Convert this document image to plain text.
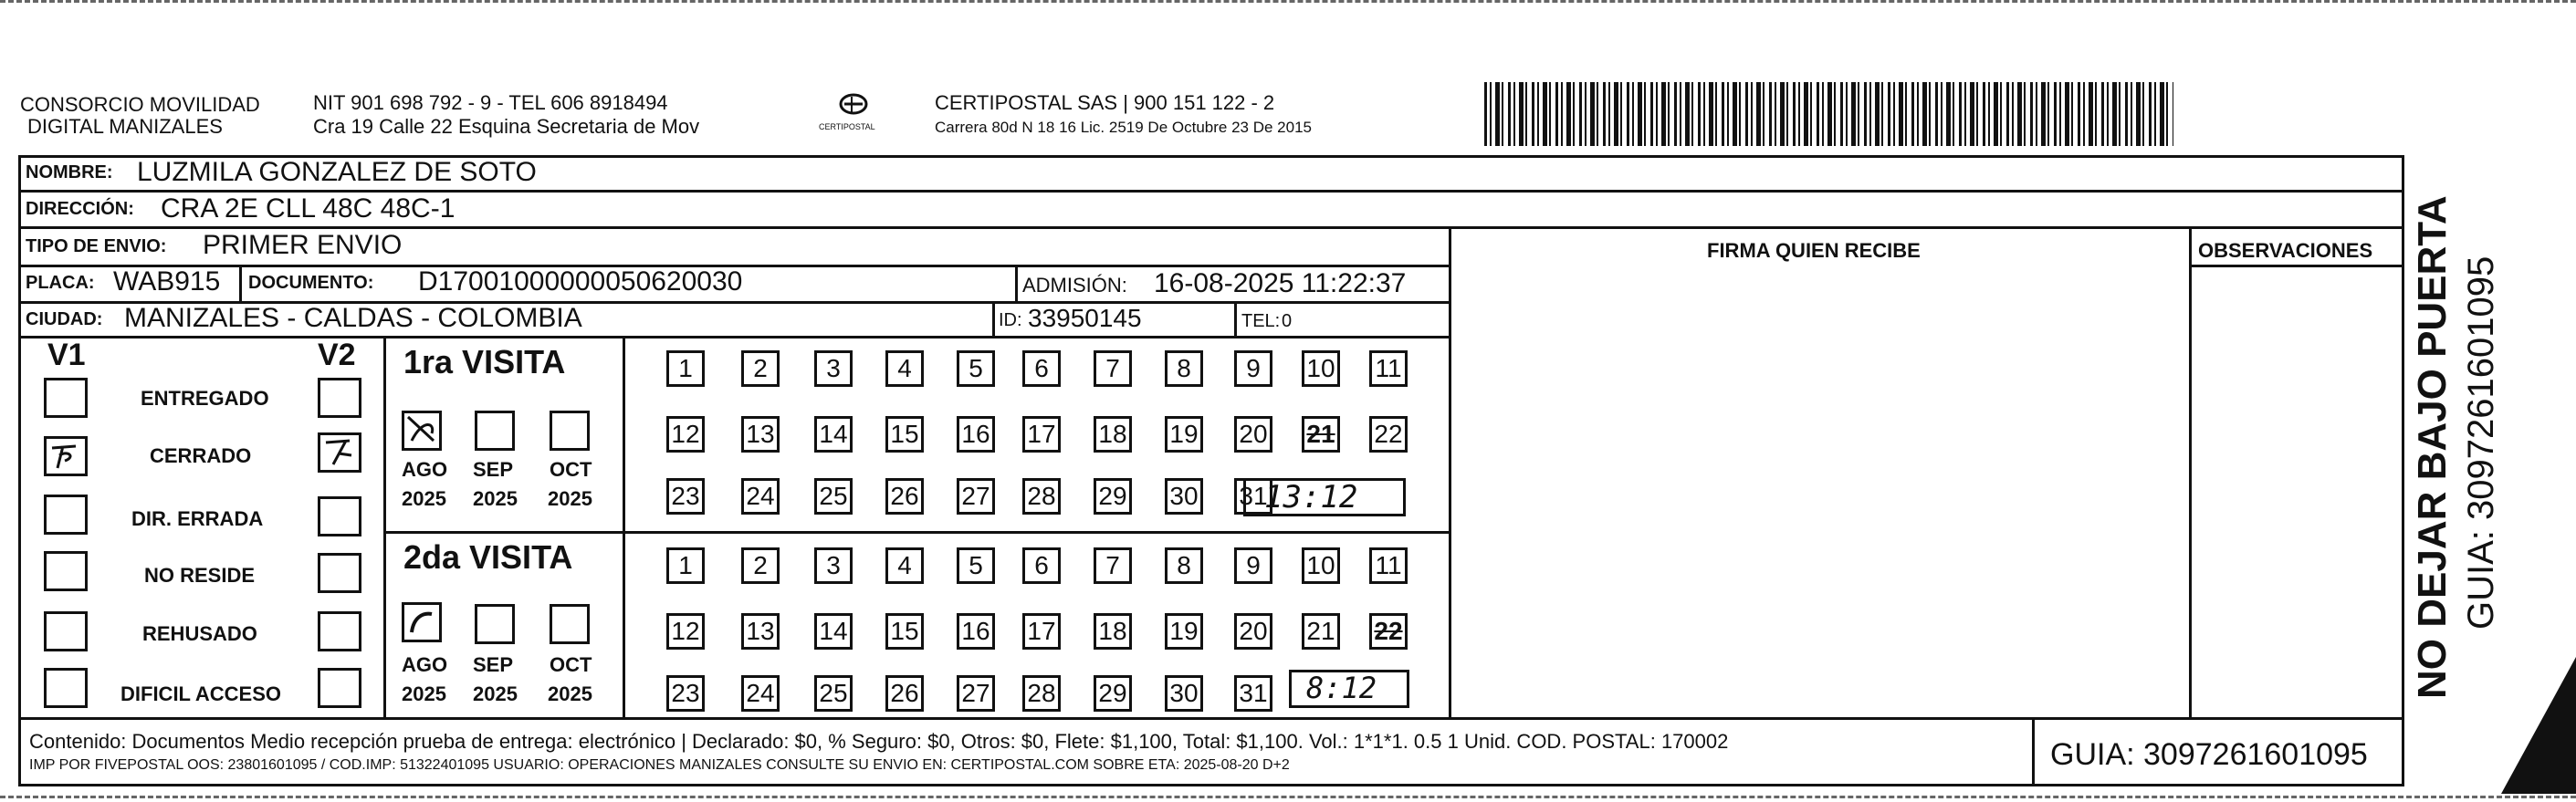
CONSORCIO MOVILIDAD
DIGITAL MANIZALES
NIT 901 698 792 - 9 - TEL 606 8918494
Cra 19 Calle 22 Esquina Secretaria de Mov	CERTIPOSTAL
CERTIPOSTAL SAS | 900 151 122 - 2
Carrera 80d N 18 16 Lic. 2519 De Octubre 23 De 2015
NOMBRE: LUZMILA GONZALEZ DE SOTO
DIRECCIÓN: CRA 2E CLL 48C 48C-1
TIPO DE ENVIO: PRIMER ENVIO	FIRMA QUIEN RECIBE	OBSERVACIONES
PLACA: WAB915 DOCUMENTO: D17001000000050620030	ADMISIÓN: 16-08-2025 11:22:37
CIUDAD: MANIZALES - CALDAS - COLOMBIA	ID: 33950145	TEL: 0
V1	V2
ENTREGADO
CERRADO
DIR. ERRADA
NO RESIDE
REHUSADO
DIFICIL ACCESO
1ra VISITA
AGO SEP OCT
2025 2025 2025
2da VISITA
AGO SEP OCT
2025 2025 2025
1	2	3	4	5	6	7	8	9	10 11
12 13 14 15 16 17 18 19 20 21 22
23 24 25 26 27 28 29 30 31
1	2	3	4	5	6	7	8	9	10 11
12 13 14 15 16 17 18 19 20 21 22
23 24 25 26 27 28 29 30 31
13:12
8:12
Contenido: Documentos Medio recepción prueba de entrega: electrónico | Declarado: $0, % Seguro: $0, Otros: $0, Flete: $1,100, Total: $1,100. Vol.: 1*1*1. 0.5 1 Unid. COD. POSTAL: 170002
IMP POR FIVEPOSTAL OOS: 23801601095 / COD.IMP: 51322401095 USUARIO: OPERACIONES MANIZALES CONSULTE SU ENVIO EN: CERTIPOSTAL.COM SOBRE ETA: 2025-08-20 D+2	GUIA: 3097261601095
NO DEJAR BAJO PUERTA GUIA: 3097261601095
